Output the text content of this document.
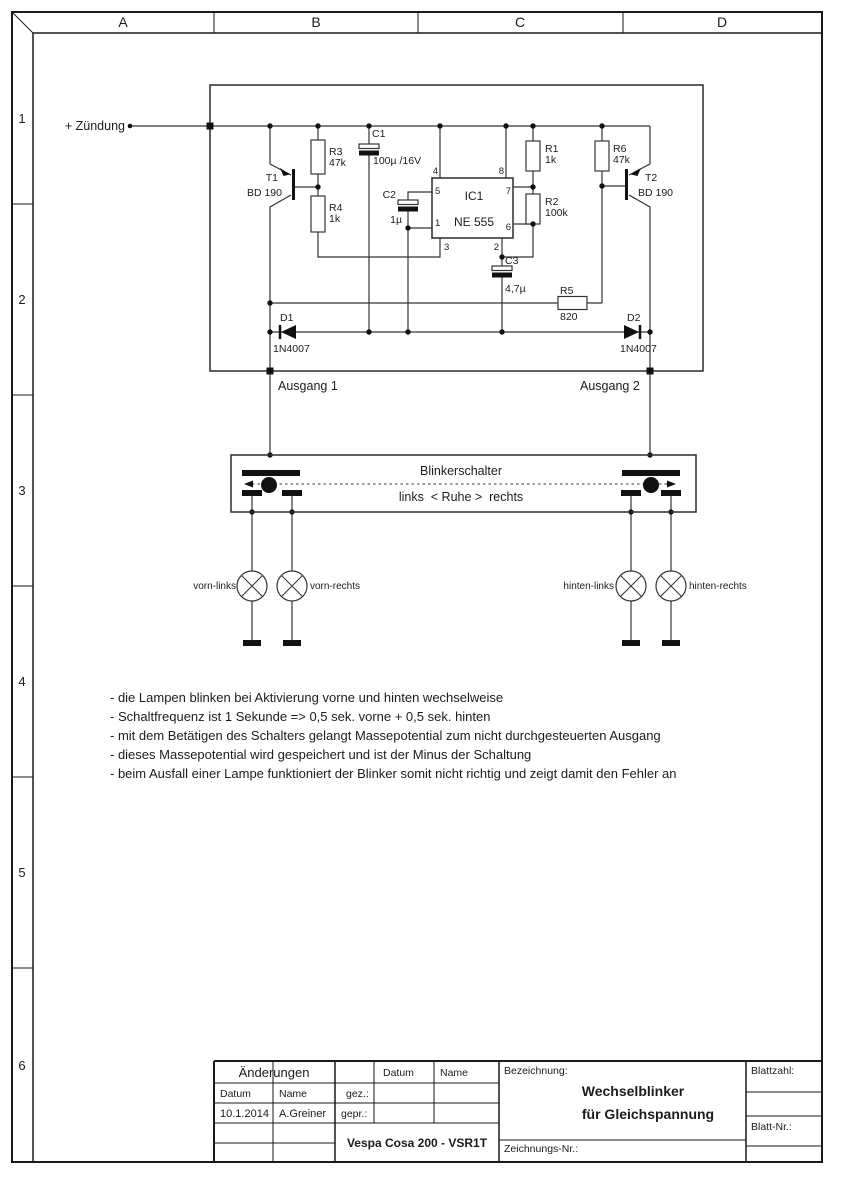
A	B	C	D
1
2
3
4
5
6
T1
BD 190
T2
BD 190
R3
47k
R4
1k
R1
1k
R2
100k
R6
47k
R5
820
C1
100µ /16V
C2
1µ
C3
4,7µ
IC1
NE 555
4	8
5
1
7
6
3	2
D1
1N4007
D2
1N4007
+ Zündung
Ausgang 1	Ausgang 2
Blinkerschalter
links  < Ruhe >  rechts
vorn-links	vorn-rechts	hinten-links	hinten-rechts
- die Lampen blinken bei Aktivierung vorne und hinten wechselweise
- Schaltfrequenz ist 1 Sekunde => 0,5 sek. vorne + 0,5 sek. hinten
- mit dem Betätigen des Schalters gelangt Massepotential zum nicht durchgesteuerten Ausgang
- dieses Massepotential wird gespeichert und ist der Minus der Schaltung
- beim Ausfall einer Lampe funktioniert der Blinker somit nicht richtig und zeigt damit den Fehler an
Änderungen
Datum	Name
10.1.2014 A.Greiner
gez.:
gepr.:
Datum Name
Vespa Cosa 200 - VSR1T
Bezeichnung:
Wechselblinker
für Gleichspannung
Zeichnungs-Nr.:
Blattzahl:
Blatt-Nr.:
